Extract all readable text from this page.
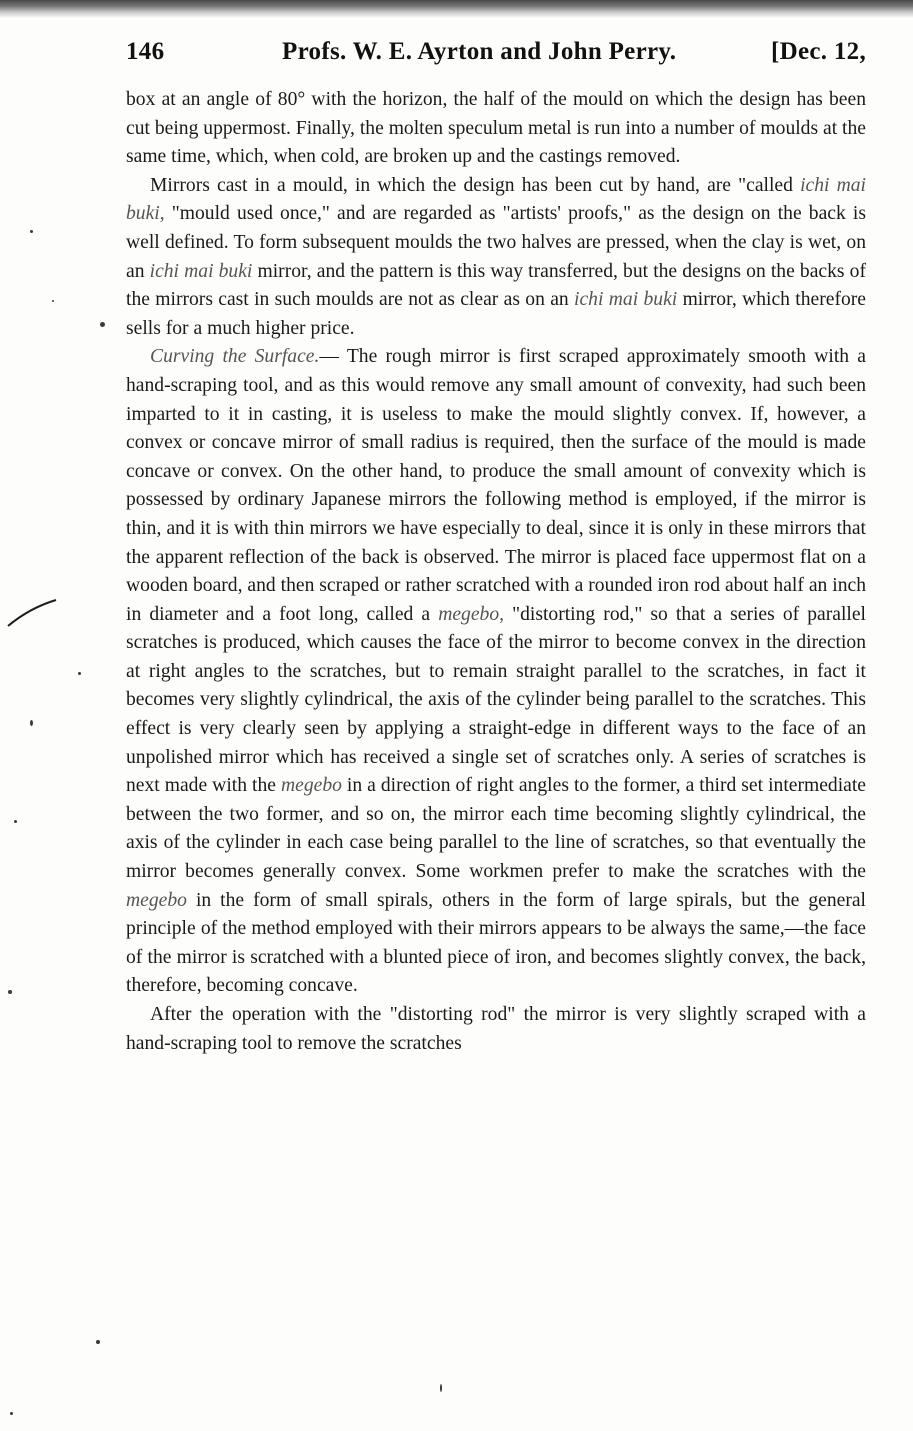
146	Profs. W. E. Ayrton and John Perry.	[Dec. 12,

box at an angle of 80° with the horizon, the half of the mould on which the design has been cut being uppermost. Finally, the molten speculum metal is run into a number of moulds at the same time, which, when cold, are broken up and the castings removed.

Mirrors cast in a mould, in which the design has been cut by hand, are "called ichi mai buki, "mould used once," and are regarded as "artists' proofs," as the design on the back is well defined. To form subsequent moulds the two halves are pressed, when the clay is wet, on an ichi mai buki mirror, and the pattern is this way transferred, but the designs on the backs of the mirrors cast in such moulds are not as clear as on an ichi mai buki mirror, which therefore sells for a much higher price.

Curving the Surface.— The rough mirror is first scraped approximately smooth with a hand-scraping tool, and as this would remove any small amount of convexity, had such been imparted to it in casting, it is useless to make the mould slightly convex. If, however, a convex or concave mirror of small radius is required, then the surface of the mould is made concave or convex. On the other hand, to produce the small amount of convexity which is possessed by ordinary Japanese mirrors the following method is employed, if the mirror is thin, and it is with thin mirrors we have especially to deal, since it is only in these mirrors that the apparent reflection of the back is observed. The mirror is placed face uppermost flat on a wooden board, and then scraped or rather scratched with a rounded iron rod about half an inch in diameter and a foot long, called a megebo, "distorting rod," so that a series of parallel scratches is produced, which causes the face of the mirror to become convex in the direction at right angles to the scratches, but to remain straight parallel to the scratches, in fact it becomes very slightly cylindrical, the axis of the cylinder being parallel to the scratches. This effect is very clearly seen by applying a straight-edge in different ways to the face of an unpolished mirror which has received a single set of scratches only. A series of scratches is next made with the megebo in a direction of right angles to the former, a third set intermediate between the two former, and so on, the mirror each time becoming slightly cylindrical, the axis of the cylinder in each case being parallel to the line of scratches, so that eventually the mirror becomes generally convex. Some workmen prefer to make the scratches with the megebo in the form of small spirals, others in the form of large spirals, but the general principle of the method employed with their mirrors appears to be always the same,—the face of the mirror is scratched with a blunted piece of iron, and becomes slightly convex, the back, therefore, becoming concave.

After the operation with the "distorting rod" the mirror is very slightly scraped with a hand-scraping tool to remove the scratches
